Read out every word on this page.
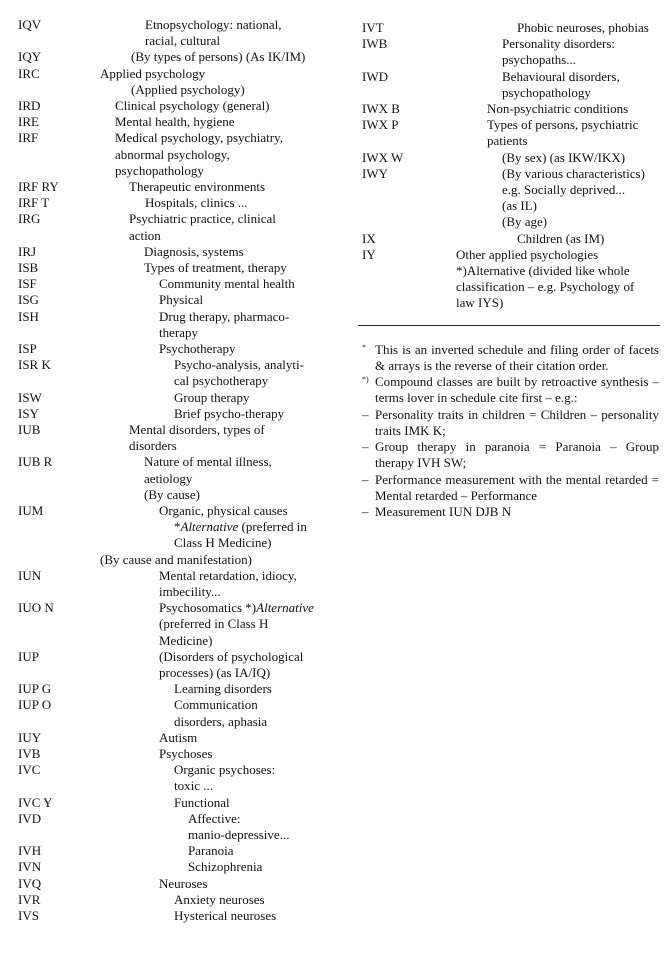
IQV	Etnopsychology: national,
racial, cultural
IQY	(By types of persons) (As IK/IM)
IRC	Applied psychology
(Applied psychology)
IRD	Clinical psychology (general)
IRE	Mental health, hygiene
IRF	Medical psychology, psychiatry,
abnormal psychology,
psychopathology
IRF RY	Therapeutic environments
IRF T	Hospitals, clinics ...
IRG	Psychiatric practice, clinical
action
IRJ	Diagnosis, systems
ISB	Types of treatment, therapy
ISF	Community mental health
ISG	Physical
ISH	Drug therapy, pharmaco-
therapy
ISP	Psychotherapy
ISR K	Psycho-analysis, analyti-
cal psychotherapy
ISW	Group therapy
ISY	Brief psycho-therapy
IUB	Mental disorders, types of
disorders
IUB R	Nature of mental illness,
aetiology
(By cause)
IUM	Organic, physical causes
*Alternative (preferred in
Class H Medicine)
(By cause and manifestation)
IUN	Mental retardation, idiocy,
imbecility...
IUO N	Psychosomatics *)Alternative
(preferred in Class H
Medicine)
IUP	(Disorders of psychological
processes) (as IA/IQ)
IUP G	Learning disorders
IUP O	Communication
disorders, aphasia
IUY	Autism
IVB	Psychoses
IVC	Organic psychoses:
toxic ...
IVC Y	Functional
IVD	Affective:
manio-depressive...
IVH	Paranoia
IVN	Schizophrenia
IVQ	Neuroses
IVR	Anxiety neuroses
IVS	Hysterical neuroses
IVT	Phobic neuroses, phobias
IWB	Personality disorders:
psychopaths...
IWD	Behavioural disorders,
psychopathology
IWX B	Non-psychiatric conditions
IWX P	Types of persons, psychiatric
patients
IWX W	(By sex) (as IKW/IKX)
IWY	(By various characteristics)
e.g. Socially deprived...
(as IL)
(By age)
IX	Children (as IM)
IY	Other applied psychologies
*)Alternative (divided like whole
classification – e.g. Psychology of
law IYS)
* This is an inverted schedule and filing order of facets & arrays is the reverse of their citation order.
*) Compound classes are built by retroactive synthesis – terms lover in schedule cite first – e.g.:
– Personality traits in children = Children – personality traits IMK K;
– Group therapy in paranoia = Paranoia – Group therapy IVH SW;
– Performance measurement with the mental retarded = Mental retarded – Performance
– Measurement IUN DJB N
